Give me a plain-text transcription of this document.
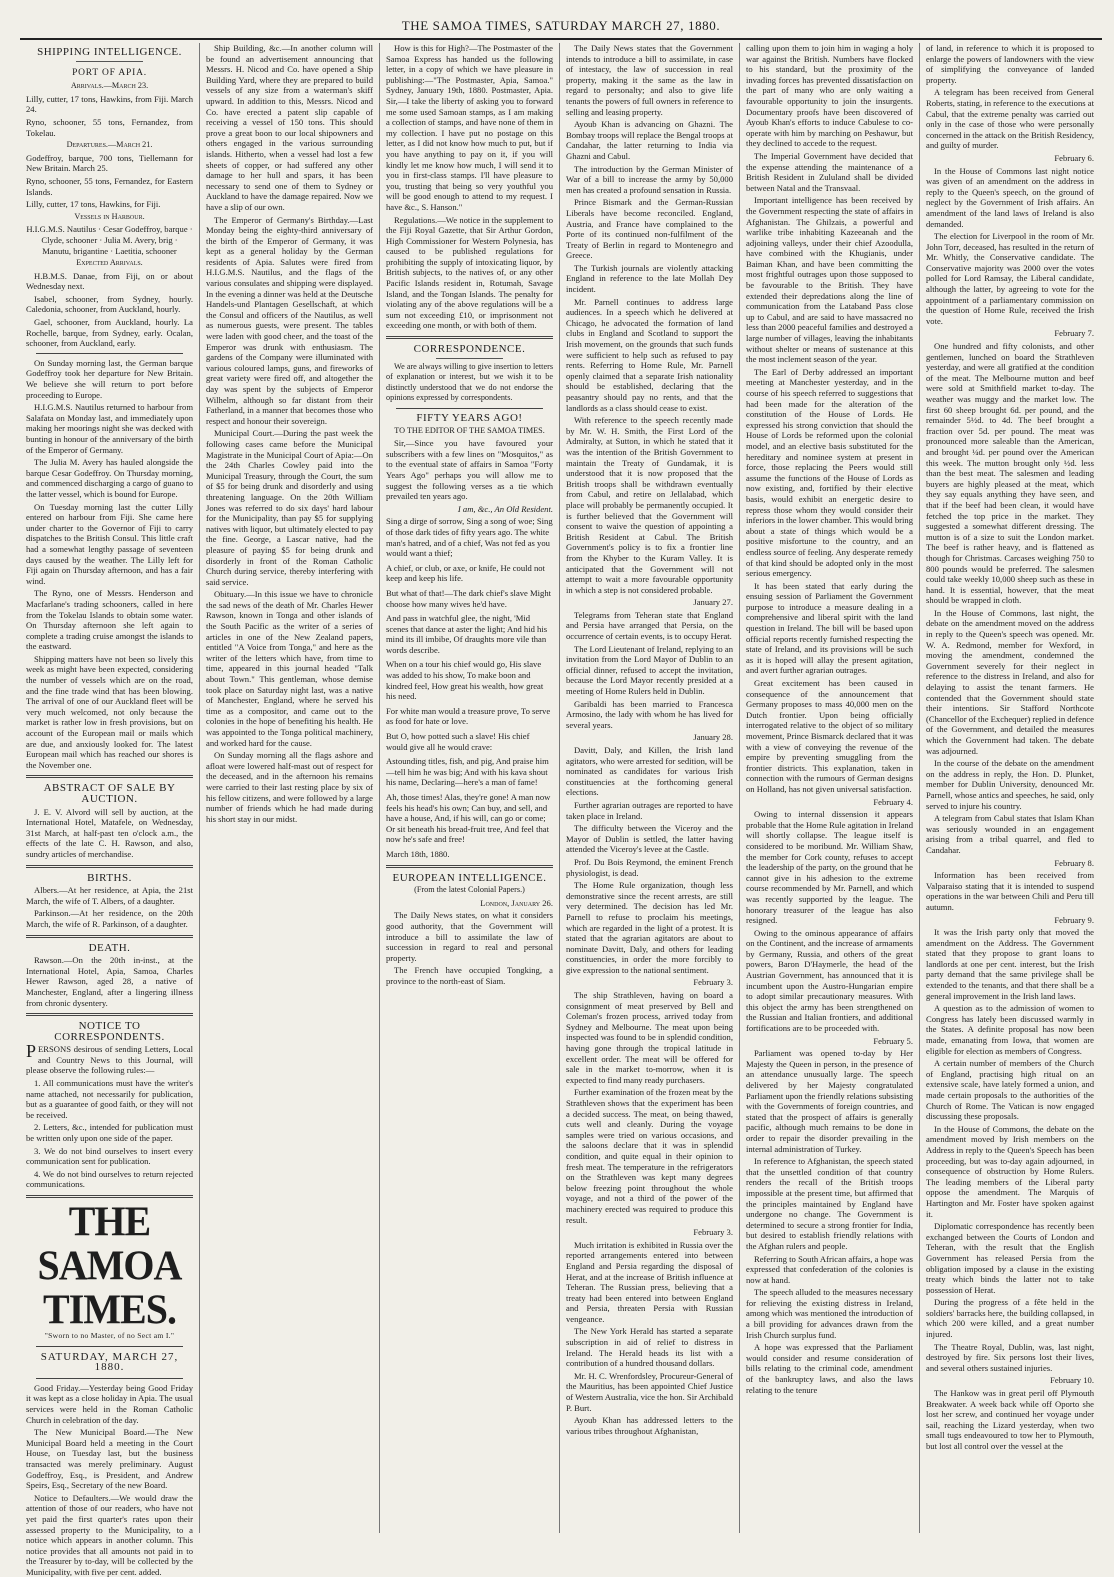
THE SAMOA TIMES, SATURDAY MARCH 27, 1880.
SHIPPING INTELLIGENCE.
PORT OF APIA.

Arrivals.—March 23.

Lilly, cutter, 17 tons, Hawkins, from Fiji. March 24.

Ryno, schooner, 55 tons, Fernandez, from Tokelau.

Departures.—March 21.

Godeffroy, barque, 700 tons, Tiellemann for New Britain. March 25.

Ryno, schooner, 55 tons, Fernandez, for Eastern Islands.

Lilly, cutter, 17 tons, Hawkins, for Fiji.

Vessels in Harbour.

H.I.G.M.S. Nautilus · Cesar Godeffroy, barque · Clyde, schooner · Julia M. Avery, brig · Manutu, brigantine · Laetitia, schooner

Expected Arrivals.

H.B.M.S. Danae, from Fiji, on or about Wednesday next.

Isabel, schooner, from Sydney, hourly. Caledonia, schooner, from Auckland, hourly.

Gael, schooner, from Auckland, hourly. La Rochelle, barque, from Sydney, early. Ocalan, schooner, from Auckland, early.

On Sunday morning last, the German barque Godeffroy took her departure for New Britain. We believe she will return to port before proceeding to Europe.

H.I.G.M.S. Nautilus returned to harbour from Salafata on Monday last, and immediately upon making her moorings night she was decked with bunting in honour of the anniversary of the birth of the Emperor of Germany.

The Julia M. Avery has hauled alongside the barque Cesar Godeffroy. On Thursday morning, and commenced discharging a cargo of guano to the latter vessel, which is bound for Europe.

On Tuesday morning last the cutter Lilly entered on harbour from Fiji. She came here under charter to the Governor of Fiji to carry dispatches to the British Consul. This little craft had a somewhat lengthy passage of seventeen days caused by the weather. The Lilly left for Fiji again on Thursday afternoon, and has a fair wind.

The Ryno, one of Messrs. Henderson and Macfarlane's trading schooners, called in here from the Tokelau Islands to obtain some water. On Thursday afternoon she left again to complete a trading cruise amongst the islands to the eastward.

Shipping matters have not been so lively this week as might have been expected, considering the number of vessels which are on the road, and the fine trade wind that has been blowing. The arrival of one of our Auckland fleet will be very much welcomed, not only because the market is rather low in fresh provisions, but on account of the European mail or mails which are due, and anxiously looked for. The latest European mail which has reached our shores is the November one.

ABSTRACT OF SALE BY AUCTION.

J. E. V. Alvord will sell by auction, at the International Hotel, Matafele, on Wednesday, 31st March, at half-past ten o'clock a.m., the effects of the late C. H. Rawson, and also, sundry articles of merchandise.

BIRTHS.

Albers.—At her residence, at Apia, the 21st March, the wife of T. Albers, of a daughter.

Parkinson.—At her residence, on the 20th March, the wife of R. Parkinson, of a daughter.

DEATH.

Rawson.—On the 20th in-inst., at the International Hotel, Apia, Samoa, Charles Hewer Rawson, aged 28, a native of Manchester, England, after a lingering illness from chronic dysentery.

NOTICE TO CORRESPONDENTS.

PERSONS desirous of sending Letters, Local and Country News to this Journal, will please observe the following rules:—

1. All communications must have the writer's name attached, not necessarily for publication, but as a guarantee of good faith, or they will not be received.

2. Letters, &c., intended for publication must be written only upon one side of the paper.

3. We do not bind ourselves to insert every communication sent for publication.

4. We do not bind ourselves to return rejected communications.

THE SAMOA TIMES.
"Sworn to no Master, of no Sect am I."
SATURDAY, MARCH 27, 1880.

Good Friday.—Yesterday being Good Friday it was kept as a close holiday in Apia. The usual services were held in the Roman Catholic Church in celebration of the day.

The New Municipal Board.—The New Municipal Board held a meeting in the Court House, on Tuesday last, but the business transacted was merely preliminary. August Godeffroy, Esq., is President, and Andrew Speirs, Esq., Secretary of the new Board.

Notice to Defaulters.—We would draw the attention of those of our readers, who have not yet paid the first quarter's rates upon their assessed property to the Municipality, to a notice which appears in another column. This notice provides that all amounts not paid in to the Treasurer by to-day, will be collected by the Municipality, with five per cent. added.

Ship Building, &c.—In another column will be found an advertisement announcing that Messrs. H. Nicod and Co. have opened a Ship Building Yard, where they are prepared to build vessels of any size from a waterman's skiff upward. In addition to this, Messrs. Nicod and Co. have erected a patent slip capable of receiving a vessel of 150 tons. This should prove a great boon to our local shipowners and others engaged in the various surrounding islands. Hitherto, when a vessel had lost a few sheets of copper, or had suffered any other damage to her hull and spars, it has been necessary to send one of them to Sydney or Auckland to have the damage repaired. Now we have a slip of our own.

The Emperor of Germany's Birthday.—Last Monday being the eighty-third anniversary of the birth of the Emperor of Germany, it was kept as a general holiday by the German residents of Apia. Salutes were fired from H.I.G.M.S. Nautilus, and the flags of the various consulates and shipping were displayed. In the evening a dinner was held at the Deutsche Handels-und Plantagen Gesellschaft, at which the Consul and officers of the Nautilus, as well as numerous guests, were present. The tables were laden with good cheer, and the toast of the Emperor was drunk with enthusiasm. The gardens of the Company were illuminated with various coloured lamps, guns, and fireworks of great variety were fired off, and altogether the day was spent by the subjects of Emperor Wilhelm, although so far distant from their Fatherland, in a manner that becomes those who respect and honour their sovereign.

Municipal Court.—During the past week the following cases came before the Municipal Magistrate in the Municipal Court of Apia:—On the 24th Charles Cowley paid into the Municipal Treasury, through the Court, the sum of $5 for being drunk and disorderly and using threatening language. On the 20th William Jones was referred to do six days' hard labour for the Municipality, than pay $5 for supplying natives with liquor, but ultimately elected to pay the fine. George, a Lascar native, had the pleasure of paying $5 for being drunk and disorderly in front of the Roman Catholic Church during service, thereby interfering with said service.

Obituary.—In this issue we have to chronicle the sad news of the death of Mr. Charles Hewer Rawson, known in Tonga and other islands of the South Pacific as the writer of a series of articles in one of the New Zealand papers, entitled "A Voice from Tonga," and here as the writer of the letters which have, from time to time, appeared in this journal headed "Talk about Town." This gentleman, whose demise took place on Saturday night last, was a native of Manchester, England, where he served his time as a compositor, and came out to the colonies in the hope of benefiting his health. He was appointed to the Tonga political machinery, and worked hard for the cause.

On Sunday morning all the flags ashore and afloat were lowered half-mast out of respect for the deceased, and in the afternoon his remains were carried to their last resting place by six of his fellow citizens, and were followed by a large number of friends which he had made during his short stay in our midst.

How is this for High?—The Postmaster of the Samoa Express has handed us the following letter, in a copy of which we have pleasure in publishing:—"The Postmaster, Apia, Samoa." Sydney, January 19th, 1880. Postmaster, Apia. Sir,—I take the liberty of asking you to forward me some used Samoan stamps, as I am making a collection of stamps, and have none of them in my collection. I have put no postage on this letter, as I did not know how much to put, but if you have anything to pay on it, if you will kindly let me know how much, I will send it to you in first-class stamps. I'll have pleasure to you, trusting that being so very youthful you will be good enough to attend to my request. I have &c., S. Hanson."

Regulations.—We notice in the supplement to the Fiji Royal Gazette, that Sir Arthur Gordon, High Commissioner for Western Polynesia, has caused to be published regulations for prohibiting the supply of intoxicating liquor, by British subjects, to the natives of, or any other Pacific Islands resident in, Rotumah, Savage Island, and the Tongan Islands. The penalty for violating any of the above regulations will be a sum not exceeding £10, or imprisonment not exceeding one month, or with both of them.

CORRESPONDENCE.

We are always willing to give insertion to letters of explanation or interest, but we wish it to be distinctly understood that we do not endorse the opinions expressed by correspondents.

FIFTY YEARS AGO!

TO THE EDITOR OF THE SAMOA TIMES.

Sir,—Since you have favoured your subscribers with a few lines on "Mosquitos," as to the eventual state of affairs in Samoa "Forty Years Ago" perhaps you will allow me to suggest the following verses as a tie which prevailed ten years ago.

I am, &c., An Old Resident.

Sing a dirge of sorrow, Sing a song of woe; Sing of those dark tides of fifty years ago. The white man's hatred, and of a chief, Was not fed as you would want a thief;

A chief, or club, or axe, or knife, He could not keep and keep his life.

But what of that!—The dark chief's slave Might choose how many wives he'd have.

And pass in watchful glee, the night, 'Mid scenes that dance at aster the light; And hid his mind its ill imbibe, Of draughts more vile than words describe.

When on a tour his chief would go, His slave was added to his show, To make boon and kindred feel, How great his wealth, how great his need.

For white man would a treasure prove, To serve as food for hate or love.

But O, how potted such a slave! His chief would give all he would crave:

Astounding titles, fish, and pig, And praise him—tell him he was big; And with his kava shout his name, Declaring—here's a man of fame!

Ah, those times! Alas, they're gone! A man now feels his head's his own; Can buy, and sell, and have a house, And, if his will, can go or come; Or sit beneath his bread-fruit tree, And feel that now he's safe and free!

March 18th, 1880.

EUROPEAN INTELLIGENCE.

(From the latest Colonial Papers.)

London, January 26.

The Daily News states, on what it considers good authority, that the Government will introduce a bill to assimilate the law of succession in regard to real and personal property.

The French have occupied Tongking, a province to the north-east of Siam.

The Daily News states that the Government intends to introduce a bill to assimilate, in case of intestacy, the law of succession in real property, making it the same as the law in regard to personalty; and also to give life tenants the powers of full owners in reference to selling and leasing property.

Ayoub Khan is advancing on Ghazni. The Bombay troops will replace the Bengal troops at Candahar, the latter returning to India via Ghazni and Cabul.

The introduction by the German Minister of War of a bill to increase the army by 50,000 men has created a profound sensation in Russia.

Prince Bismark and the German-Russian Liberals have become reconciled. England, Austria, and France have complained to the Porte of its continued non-fulfilment of the Treaty of Berlin in regard to Montenegro and Greece.

The Turkish journals are violently attacking England in reference to the late Mollah Dey incident.

Mr. Parnell continues to address large audiences. In a speech which he delivered at Chicago, he advocated the formation of land clubs in England and Scotland to support the Irish movement, on the grounds that such funds were sufficient to help such as refused to pay rents. Referring to Home Rule, Mr. Parnell openly claimed that a separate Irish nationality should be established, declaring that the peasantry should pay no rents, and that the landlords as a class should cease to exist.

With reference to the speech recently made by Mr. W. H. Smith, the First Lord of the Admiralty, at Sutton, in which he stated that it was the intention of the British Government to maintain the Treaty of Gundamak, it is understood that it is now proposed that the British troops shall be withdrawn eventually from Cabul, and retire on Jellalabad, which place will probably be permanently occupied. It is further believed that the Government will consent to waive the question of appointing a British Resident at Cabul. The British Government's policy is to fix a frontier line from the Khyber to the Kuram Valley. It is anticipated that the Government will not attempt to wait a more favourable opportunity in which a step is not considered probable.

January 27.

Telegrams from Teheran state that England and Persia have arranged that Persia, on the occurrence of certain events, is to occupy Herat.

The Lord Lieutenant of Ireland, replying to an invitation from the Lord Mayor of Dublin to an official dinner, refused to accept the invitation, because the Lord Mayor recently presided at a meeting of Home Rulers held in Dublin.

Garibaldi has been married to Francesca Armosino, the lady with whom he has lived for several years.

January 28.

Davitt, Daly, and Killen, the Irish land agitators, who were arrested for sedition, will be nominated as candidates for various Irish constituencies at the forthcoming general elections.

Further agrarian outrages are reported to have taken place in Ireland.

The difficulty between the Viceroy and the Mayor of Dublin is settled, the latter having attended the Viceroy's levee at the Castle.

Prof. Du Bois Reymond, the eminent French physiologist, is dead.

The Home Rule organization, though less demonstrative since the recent arrests, are still very determined. The decision has led Mr. Parnell to refuse to proclaim his meetings, which are regarded in the light of a protest. It is stated that the agrarian agitators are about to nominate Davitt, Daly, and others for leading constituencies, in order the more forcibly to give expression to the national sentiment.

February 3.

The ship Strathleven, having on board a consignment of meat preserved by Bell and Coleman's frozen process, arrived today from Sydney and Melbourne. The meat upon being inspected was found to be in splendid condition, having gone through the tropical latitude in excellent order. The meat will be offered for sale in the market to-morrow, when it is expected to find many ready purchasers.

Further examination of the frozen meat by the Strathleven shows that the experiment has been a decided success. The meat, on being thawed, cuts well and cleanly. During the voyage samples were tried on various occasions, and the saloons declare that it was in splendid condition, and quite equal in their opinion to fresh meat. The temperature in the refrigerators on the Strathleven was kept many degrees below freezing point throughout the whole voyage, and not a third of the power of the machinery erected was required to produce this result.

February 3.

Much irritation is exhibited in Russia over the reported arrangements entered into between England and Persia regarding the disposal of Herat, and at the increase of British influence at Teheran. The Russian press, believing that a treaty had been entered into between England and Persia, threaten Persia with Russian vengeance.

The New York Herald has started a separate subscription in aid of relief to distress in Ireland. The Herald heads its list with a contribution of a hundred thousand dollars.

Mr. H. C. Wrenfordsley, Procureur-General of the Mauritius, has been appointed Chief Justice of Western Australia, vice the hon. Sir Archibald P. Burt.

Ayoub Khan has addressed letters to the various tribes throughout Afghanistan,

calling upon them to join him in waging a holy war against the British. Numbers have flocked to his standard, but the proximity of the invading forces has prevented dissatisfaction on the part of many who are only waiting a favourable opportunity to join the insurgents. Documentary proofs have been discovered of Ayoub Khan's efforts to induce Cabulese to co-operate with him by marching on Peshawur, but they declined to accede to the request.

The Imperial Government have decided that the expense attending the maintenance of a British Resident in Zululand shall be divided between Natal and the Transvaal.

Important intelligence has been received by the Government respecting the state of affairs in Afghanistan. The Ghilzais, a powerful and warlike tribe inhabiting Kazeeanah and the adjoining valleys, under their chief Azoodulla, have combined with the Khugianis, under Baiman Khan, and have been committing the most frightful outrages upon those supposed to be favourable to the British. They have extended their depredations along the line of communication from the Lataband Pass close up to Cabul, and are said to have massacred no less than 2000 peaceful families and destroyed a large number of villages, leaving the inhabitants without shelter or means of sustenance at this the most inclement season of the year.

The Earl of Derby addressed an important meeting at Manchester yesterday, and in the course of his speech referred to suggestions that had been made for the alteration of the constitution of the House of Lords. He expressed his strong conviction that should the House of Lords be reformed upon the colonial model, and an elective basis substituted for the hereditary and nominee system at present in force, those replacing the Peers would still assume the functions of the House of Lords as now existing, and, fortified by their elective basis, would exhibit an energetic desire to repress those whom they would consider their inferiors in the lower chamber. This would bring about a state of things which would be a positive misfortune to the country, and an endless source of feeling. Any desperate remedy of that kind should be adopted only in the most serious emergency.

It has been stated that early during the ensuing session of Parliament the Government purpose to introduce a measure dealing in a comprehensive and liberal spirit with the land question in Ireland. The bill will be based upon official reports recently furnished respecting the state of Ireland, and its provisions will be such as it is hoped will allay the present agitation, and avert further agrarian outrages.

Great excitement has been caused in consequence of the announcement that Germany proposes to mass 40,000 men on the Dutch frontier. Upon being officially interrogated relative to the object of so military movement, Prince Bismarck declared that it was with a view of conveying the revenue of the empire by preventing smuggling from the frontier districts. This explanation, taken in connection with the rumours of German designs on Holland, has not given universal satisfaction.

February 4.

Owing to internal dissension it appears probable that the Home Rule agitation in Ireland will shortly collapse. The league itself is considered to be moribund. Mr. William Shaw, the member for Cork county, refuses to accept the leadership of the party, on the ground that he cannot give in his adhesion to the extreme course recommended by Mr. Parnell, and which was recently supported by the league. The honorary treasurer of the league has also resigned.

Owing to the ominous appearance of affairs on the Continent, and the increase of armaments by Germany, Russia, and others of the great powers, Baron D'Haymerle, the head of the Austrian Government, has announced that it is incumbent upon the Austro-Hungarian empire to adopt similar precautionary measures. With this object the army has been strengthened on the Russian and Italian frontiers, and additional fortifications are to be proceeded with.

February 5.

Parliament was opened to-day by Her Majesty the Queen in person, in the presence of an attendance unusually large. The speech delivered by her Majesty congratulated Parliament upon the friendly relations subsisting with the Governments of foreign countries, and stated that the prospect of affairs is generally pacific, although much remains to be done in order to repair the disorder prevailing in the internal administration of Turkey.

In reference to Afghanistan, the speech stated that the unsettled condition of that country renders the recall of the British troops impossible at the present time, but affirmed that the principles maintained by England have undergone no change. The Government is determined to secure a strong frontier for India, but desired to establish friendly relations with the Afghan rulers and people.

Referring to South African affairs, a hope was expressed that confederation of the colonies is now at hand.

The speech alluded to the measures necessary for relieving the existing distress in Ireland, among which was mentioned the introduction of a bill providing for advances drawn from the Irish Church surplus fund.

A hope was expressed that the Parliament would consider and resume consideration of bills relating to the criminal code, amendment of the bankruptcy laws, and also the laws relating to the tenure

of land, in reference to which it is proposed to enlarge the powers of landowners with the view of simplifying the conveyance of landed property.

A telegram has been received from General Roberts, stating, in reference to the executions at Cabul, that the extreme penalty was carried out only in the case of those who were personally concerned in the attack on the British Residency, and guilty of murder.

February 6.

In the House of Commons last night notice was given of an amendment on the address in reply to the Queen's speech, on the ground of neglect by the Government of Irish affairs. An amendment of the land laws of Ireland is also demanded.

The election for Liverpool in the room of Mr. John Torr, deceased, has resulted in the return of Mr. Whitly, the Conservative candidate. The Conservative majority was 2000 over the votes polled for Lord Ramsay, the Liberal candidate, although the latter, by agreeing to vote for the appointment of a parliamentary commission on the question of Home Rule, received the Irish vote.

February 7.

One hundred and fifty colonists, and other gentlemen, lunched on board the Strathleven yesterday, and were all gratified at the condition of the meat. The Melbourne mutton and beef were sold at Smithfield market to-day. The weather was muggy and the market low. The first 60 sheep brought 6d. per pound, and the remainder 5½d. to 4d. The beef brought a fraction over 5d. per pound. The meat was pronounced more saleable than the American, and brought ¼d. per pound over the American this week. The mutton brought only ½d. less than the best meat. The salesmen and leading buyers are highly pleased at the meat, which they say equals anything they have seen, and that if the beef had been clean, it would have fetched the top price in the market. They suggested a somewhat different dressing. The mutton is of a size to suit the London market. The beef is rather heavy, and is flattened as though for Christmas. Carcases weighing 750 to 800 pounds would be preferred. The salesmen could take weekly 10,000 sheep such as these in hand. It is essential, however, that the meat should be wrapped in cloth.

In the House of Commons, last night, the debate on the amendment moved on the address in reply to the Queen's speech was opened. Mr. W. A. Redmond, member for Wexford, in moving the amendment, condemned the Government severely for their neglect in reference to the distress in Ireland, and also for delaying to assist the tenant farmers. He contended that the Government should state their intentions. Sir Stafford Northcote (Chancellor of the Exchequer) replied in defence of the Government, and detailed the measures which the Government had taken. The debate was adjourned.

In the course of the debate on the amendment on the address in reply, the Hon. D. Plunket, member for Dublin University, denounced Mr. Parnell, whose antics and speeches, he said, only served to injure his country.

A telegram from Cabul states that Islam Khan was seriously wounded in an engagement arising from a tribal quarrel, and fled to Candahar.

February 8.

Information has been received from Valparaiso stating that it is intended to suspend operations in the war between Chili and Peru till autumn.

February 9.

It was the Irish party only that moved the amendment on the Address. The Government stated that they propose to grant loans to landlords at one per cent. interest, but the Irish party demand that the same privilege shall be extended to the tenants, and that there shall be a general improvement in the Irish land laws.

A question as to the admission of women to Congress has lately been discussed warmly in the States. A definite proposal has now been made, emanating from Iowa, that women are eligible for election as members of Congress.

A certain number of members of the Church of England, practising high ritual on an extensive scale, have lately formed a union, and made certain proposals to the authorities of the Church of Rome. The Vatican is now engaged discussing these proposals.

In the House of Commons, the debate on the amendment moved by Irish members on the Address in reply to the Queen's Speech has been proceeding, but was to-day again adjourned, in consequence of obstruction by Home Rulers. The leading members of the Liberal party oppose the amendment. The Marquis of Hartington and Mr. Foster have spoken against it.

Diplomatic correspondence has recently been exchanged between the Courts of London and Teheran, with the result that the English Government has released Persia from the obligation imposed by a clause in the existing treaty which binds the latter not to take possession of Herat.

During the progress of a fête held in the soldiers' barracks here, the building collapsed, in which 200 were killed, and a great number injured.

The Theatre Royal, Dublin, was, last night, destroyed by fire. Six persons lost their lives, and several others sustained injuries.

February 10.

The Hankow was in great peril off Plymouth Breakwater. A week back while off Oporto she lost her screw, and continued her voyage under sail, reaching the Lizard yesterday, when two small tugs endeavoured to tow her to Plymouth, but lost all control over the vessel at the
